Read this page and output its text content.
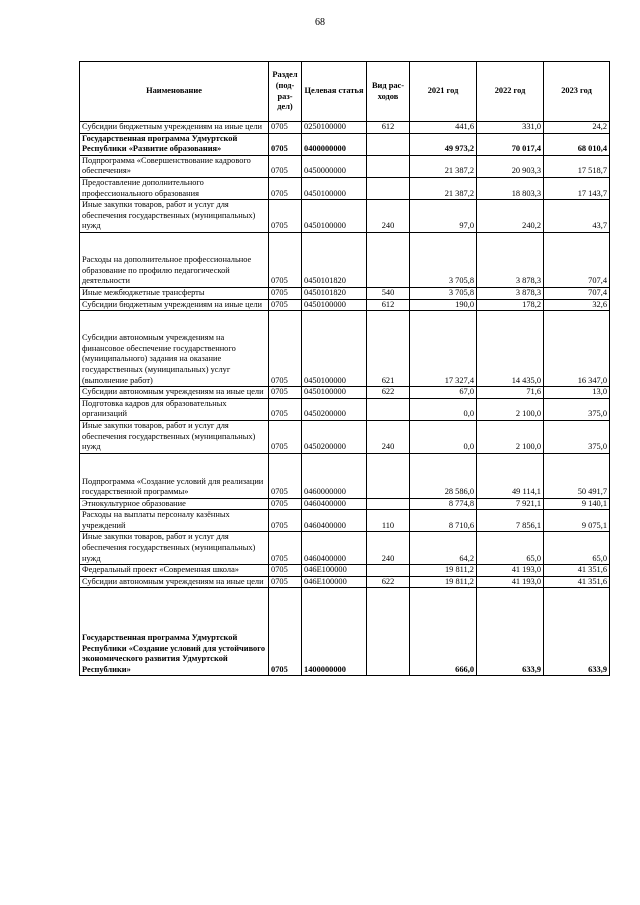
68
Наименование	Раздел (под-раз-дел)	Целевая статья	Вид рас-ходов	2021 год	2022 год	2023 год
Субсидии бюджетным учреждениям на иные цели	0705	0250100000	612	441,6	331,0	24,2
Государственная программа Удмуртской Республики «Развитие образования»	0705	0400000000		49 973,2	70 017,4	68 010,4
Подпрограмма «Совершенствование кадрового обеспечения»	0705	0450000000		21 387,2	20 903,3	17 518,7
Предоставление дополнительного профессионального образования	0705	0450100000		21 387,2	18 803,3	17 143,7
Иные закупки товаров, работ и услуг для обеспечения государственных (муниципальных) нужд	0705	0450100000	240	97,0	240,2	43,7
Расходы на дополнительное профессиональное образование по профилю педагогической деятельности	0705	0450101820		3 705,8	3 878,3	707,4
Иные межбюджетные трансферты	0705	0450101820	540	3 705,8	3 878,3	707,4
Субсидии бюджетным учреждениям на иные цели	0705	0450100000	612	190,0	178,2	32,6
Субсидии автономным учреждениям на финансовое обеспечение государственного (муниципального) задания на оказание государственных (муниципальных) услуг (выполнение работ)	0705	0450100000	621	17 327,4	14 435,0	16 347,0
Субсидии автономным учреждениям на иные цели	0705	0450100000	622	67,0	71,6	13,0
Подготовка кадров для образовательных организаций	0705	0450200000		0,0	2 100,0	375,0
Иные закупки товаров, работ и услуг для обеспечения государственных (муниципальных) нужд	0705	0450200000	240	0,0	2 100,0	375,0
Подпрограмма «Создание условий для реализации государственной программы»	0705	0460000000		28 586,0	49 114,1	50 491,7
Этнокультурное образование	0705	0460400000		8 774,8	7 921,1	9 140,1
Расходы на выплаты персоналу казённых учреждений	0705	0460400000	110	8 710,6	7 856,1	9 075,1
Иные закупки товаров, работ и услуг для обеспечения государственных (муниципальных) нужд	0705	0460400000	240	64,2	65,0	65,0
Федеральный проект «Современная школа»	0705	046Е100000		19 811,2	41 193,0	41 351,6
Субсидии автономным учреждениям на иные цели	0705	046Е100000	622	19 811,2	41 193,0	41 351,6
Государственная программа Удмуртской Республики «Создание условий для устойчивого экономического развития Удмуртской Республики»	0705	1400000000		666,0	633,9	633,9
